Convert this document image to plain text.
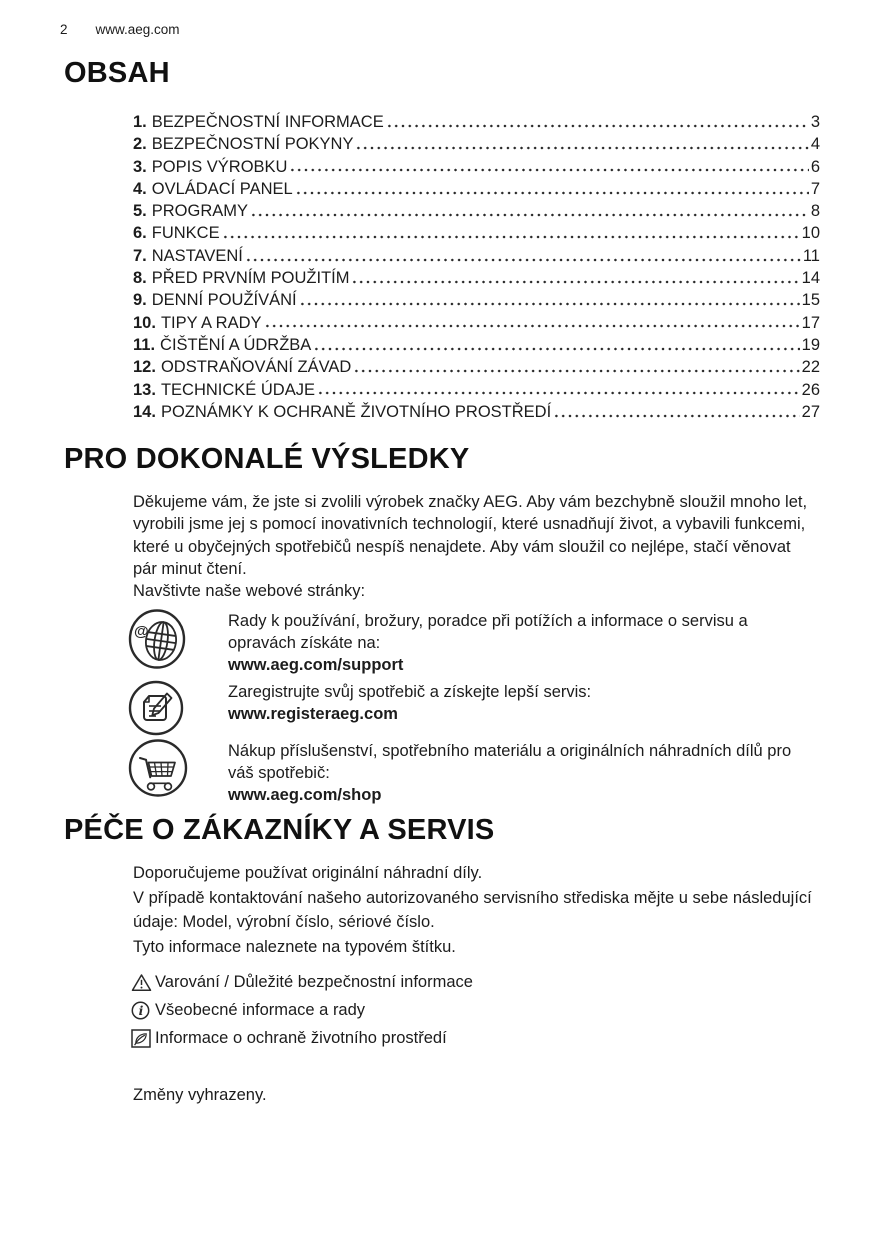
2 www.aeg.com
OBSAH
1. BEZPEČNOSTNÍ INFORMACE	3
2. BEZPEČNOSTNÍ POKYNY	4
3. POPIS VÝROBKU	6
4. OVLÁDACÍ PANEL	7
5. PROGRAMY	8
6. FUNKCE	10
7. NASTAVENÍ	11
8. PŘED PRVNÍM POUŽITÍM	14
9. DENNÍ POUŽÍVÁNÍ	15
10. TIPY A RADY	17
11. ČIŠTĚNÍ A ÚDRŽBA	19
12. ODSTRAŇOVÁNÍ ZÁVAD	22
13. TECHNICKÉ ÚDAJE	26
14. POZNÁMKY K OCHRANĚ ŽIVOTNÍHO PROSTŘEDÍ	27
PRO DOKONALÉ VÝSLEDKY

Děkujeme vám, že jste si zvolili výrobek značky AEG. Aby vám bezchybně sloužil mnoho let, vyrobili jsme jej s pomocí inovativních technologií, které usnadňují život, a vybavili funkcemi, které u obyčejných spotřebičů nespíš nenajdete. Aby vám sloužil co nejlépe, stačí věnovat pár minut čtení.

Navštivte naše webové stránky:

@
Rady k používání, brožury, poradce při potížích a informace o servisu a opravách získáte na:
www.aeg.com/support
Zaregistrujte svůj spotřebič a získejte lepší servis:
www.registeraeg.com
Nákup příslušenství, spotřebního materiálu a originálních náhradních dílů pro váš spotřebič:
www.aeg.com/shop
PÉČE O ZÁKAZNÍKY A SERVIS

Doporučujeme používat originální náhradní díly.

V případě kontaktování našeho autorizovaného servisního střediska mějte u sebe následující údaje: Model, výrobní číslo, sériové číslo.

Tyto informace naleznete na typovém štítku.

Varování / Důležité bezpečnostní informace
i Všeobecné informace a rady
Informace o ochraně životního prostředí

Změny vyhrazeny.
